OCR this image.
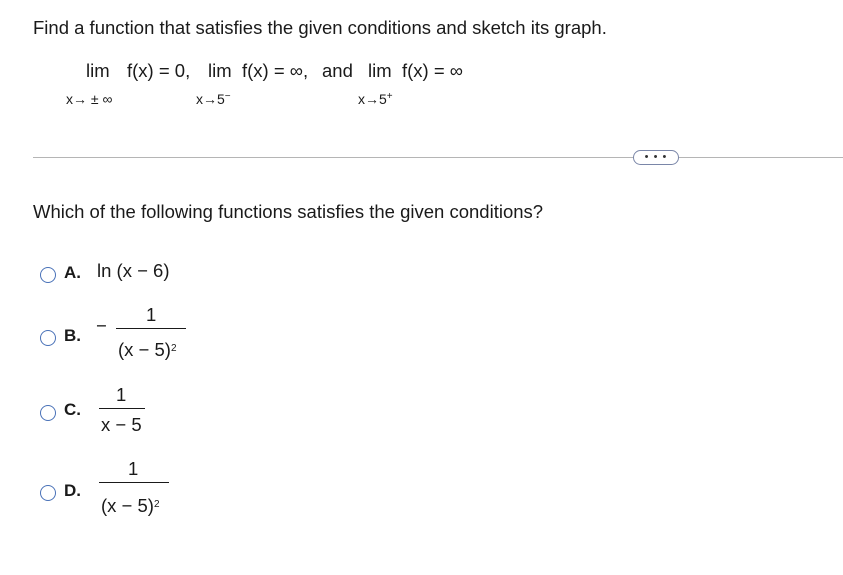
Find a function that satisfies the given conditions and sketch its graph.
lim f(x) = 0,
x→ ± ∞
lim f(x) = ∞,
x→5−
and lim f(x) = ∞
x→5+
• • •
Which of the following functions satisfies the given conditions?
A. ln (x − 6)
B. −
1
$(x - 5)^2$
C.
1
x − 5
D.
1
$(x - 5)^2$
